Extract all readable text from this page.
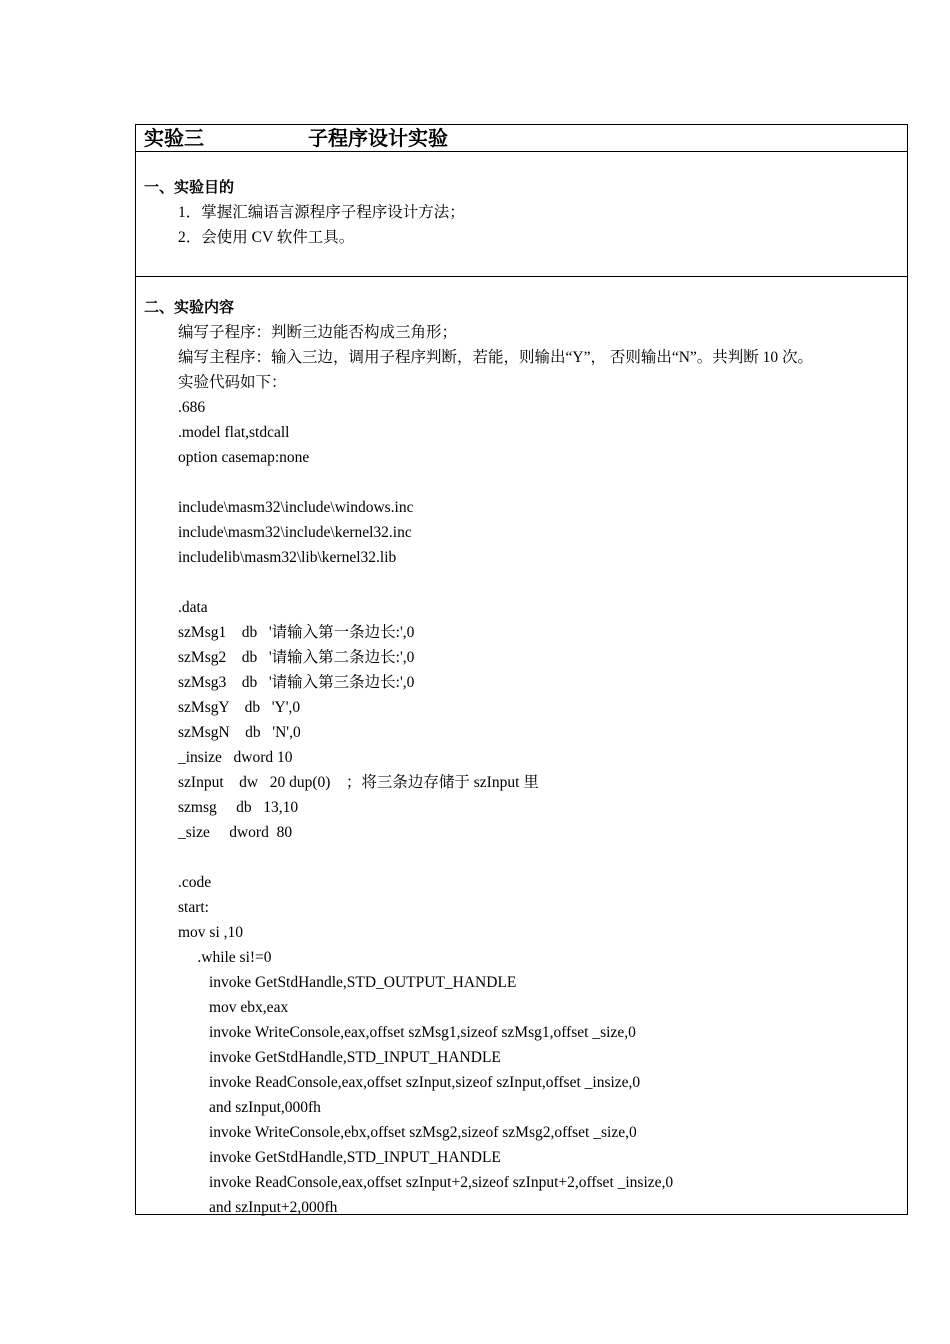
实验三	子程序设计实验
一、实验目的
1．掌握汇编语言源程序子程序设计方法；
2．会使用 CV 软件工具。
二、实验内容
编写子程序：判断三边能否构成三角形；
编写主程序：输入三边，调用子程序判断，若能，则输出“Y”， 否则输出“N”。共判断 10 次。
实验代码如下：
.686
.model flat,stdcall
option casemap:none
include\masm32\include\windows.inc
include\masm32\include\kernel32.inc
includelib\masm32\lib\kernel32.lib
.data
szMsg1    db   '请输入第一条边长:',0
szMsg2    db   '请输入第二条边长:',0
szMsg3    db   '请输入第三条边长:',0
szMsgY    db   'Y',0
szMsgN    db   'N',0
_insize   dword 10
szInput    dw   20 dup(0)    ；将三条边存储于 szInput 里
szmsg     db   13,10
_size     dword  80
.code
start:
mov si ,10
.while si!=0
invoke GetStdHandle,STD_OUTPUT_HANDLE
mov ebx,eax
invoke WriteConsole,eax,offset szMsg1,sizeof szMsg1,offset _size,0
invoke GetStdHandle,STD_INPUT_HANDLE
invoke ReadConsole,eax,offset szInput,sizeof szInput,offset _insize,0
and szInput,000fh
invoke WriteConsole,ebx,offset szMsg2,sizeof szMsg2,offset _size,0
invoke GetStdHandle,STD_INPUT_HANDLE
invoke ReadConsole,eax,offset szInput+2,sizeof szInput+2,offset _insize,0
and szInput+2,000fh
